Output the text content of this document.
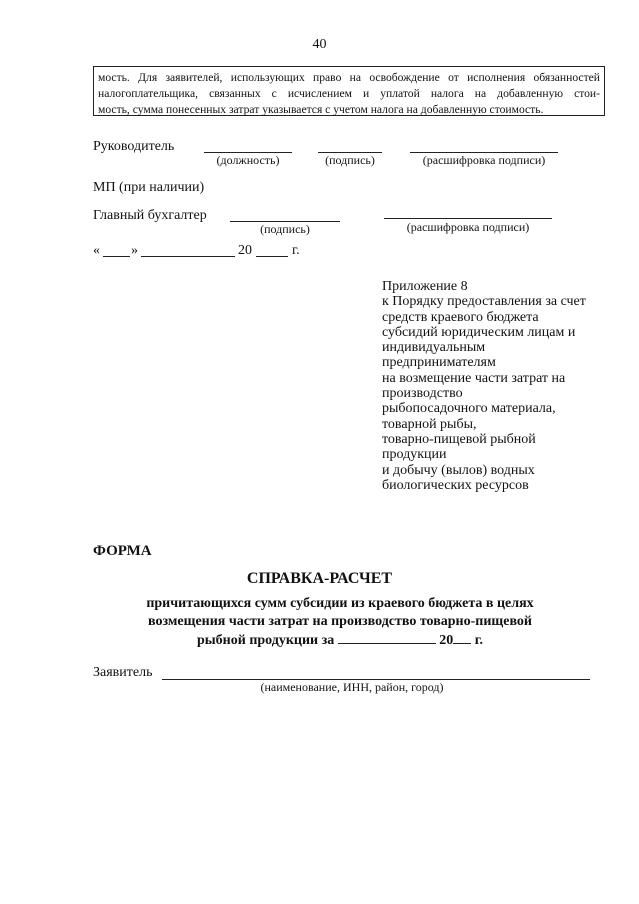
40
мость. Для заявителей, использующих право на освобождение от исполнения обязанностей
налогоплательщика, связанных с исчислением и уплатой налога на добавленную стои-
мость, сумма понесенных затрат указывается с учетом налога на добавленную стоимость.
Руководитель
(должность)	(подпись)	(расшифровка подписи)
МП (при наличии)
Главный бухгалтер
(подпись)	(расшифровка подписи)
« »	20	г.
Приложение 8
к Порядку предоставления за счет
средств краевого бюджета
субсидий юридическим лицам и
индивидуальным
предпринимателям
на возмещение части затрат на
производство
рыбопосадочного материала,
товарной рыбы,
товарно-пищевой рыбной
продукции
и добычу (вылов) водных
биологических ресурсов
ФОРМА
СПРАВКА-РАСЧЕТ
причитающихся сумм субсидии из краевого бюджета в целях
возмещения части затрат на производство товарно-пищевой
рыбной продукции за	20 г.
Заявитель
(наименование, ИНН, район, город)
